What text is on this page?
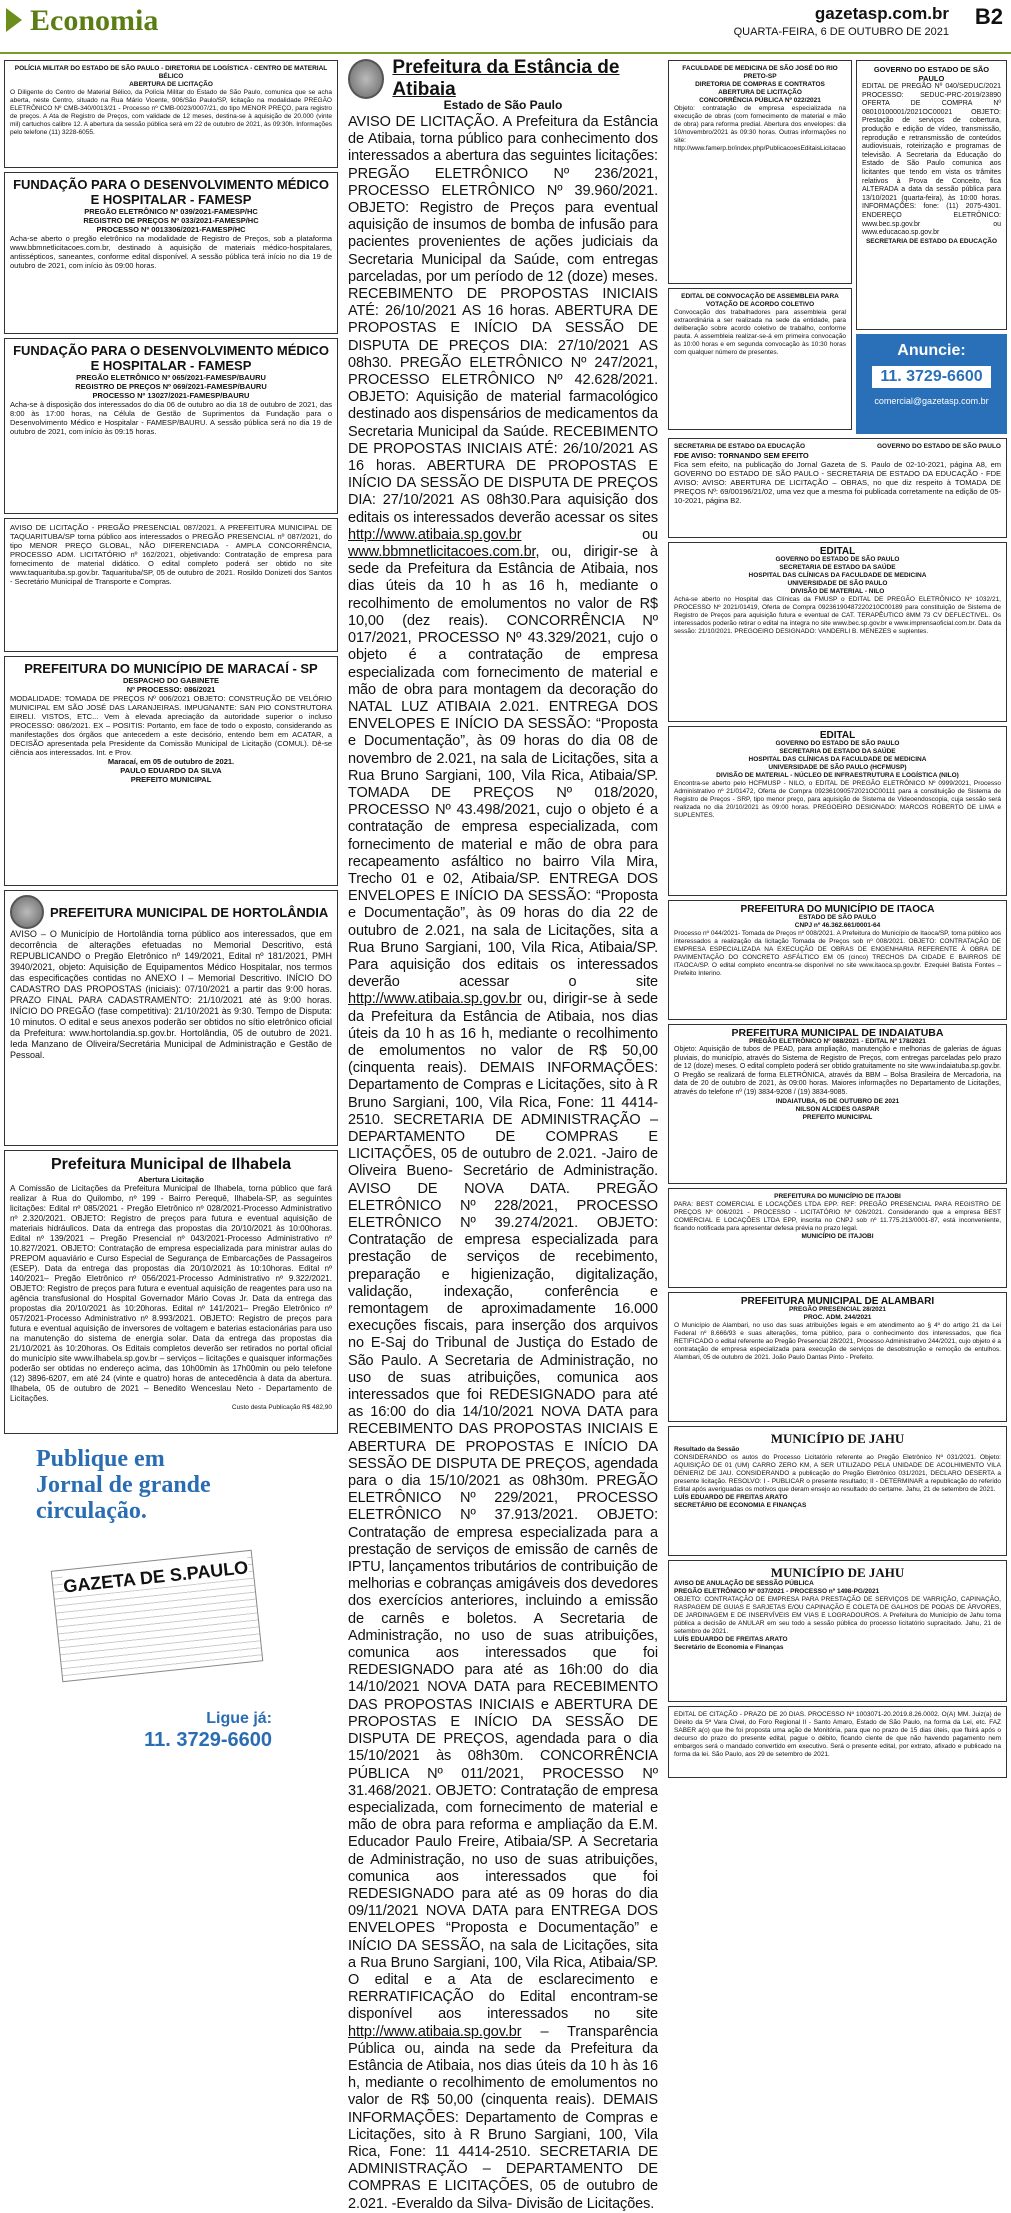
Economia	gazetasp.com.br
QUARTA-FEIRA, 6 DE OUTUBRO DE 2021
B2
POLÍCIA MILITAR DO ESTADO DE SÃO PAULO - DIRETORIA DE LOGÍSTICA - CENTRO DE MATERIAL BÉLICO
ABERTURA DE LICITAÇÃO
O Diligente do Centro de Material Bélico, da Polícia Militar do Estado de São Paulo, comunica que se acha aberta, neste Centro, situado na Rua Mário Vicente, 906/São Paulo/SP, licitação na modalidade PREGÃO ELETRÔNICO Nº CMB-340/0013/21 - Processo nº CMB-0023/0007/21, do tipo MENOR PREÇO, para registro de preços. A Ata de Registro de Preços, com validade de 12 meses, destina-se à aquisição de 20.000 (vinte mil) cartuchos calibre 12. A abertura da sessão pública será em 22 de outubro de 2021, às 09:30h. Informações pelo telefone (11) 3228-6055.
FUNDAÇÃO PARA O DESENVOLVIMENTO MÉDICO E HOSPITALAR - FAMESP
PREGÃO ELETRÔNICO Nº 039/2021-FAMESP/HC
REGISTRO DE PREÇOS Nº 033/2021-FAMESP/HC
PROCESSO Nº 0013306/2021-FAMESP/HC
Acha-se aberto o pregão eletrônico na modalidade de Registro de Preços, sob a plataforma www.bbmnetlicitacoes.com.br, destinado à aquisição de materiais médico-hospitalares, antissépticos, saneantes, conforme edital disponível. A sessão pública terá início no dia 19 de outubro de 2021, com início às 09:00 horas.
FUNDAÇÃO PARA O DESENVOLVIMENTO MÉDICO E HOSPITALAR - FAMESP
PREGÃO ELETRÔNICO Nº 065/2021-FAMESP/BAURU
REGISTRO DE PREÇOS Nº 069/2021-FAMESP/BAURU
PROCESSO Nº 13027/2021-FAMESP/BAURU
Acha-se à disposição dos interessados do dia 06 de outubro ao dia 18 de outubro de 2021, das 8:00 às 17:00 horas, na Célula de Gestão de Suprimentos da Fundação para o Desenvolvimento Médico e Hospitalar - FAMESP/BAURU. A sessão pública será no dia 19 de outubro de 2021, com início às 09:15 horas.
AVISO DE LICITAÇÃO - PREGÃO PRESENCIAL 087/2021. A PREFEITURA MUNICIPAL DE TAQUARITUBA/SP torna público aos interessados o PREGÃO PRESENCIAL nº 087/2021, do tipo MENOR PREÇO GLOBAL, NÃO DIFERENCIADA - AMPLA CONCORRÊNCIA, PROCESSO ADM. LICITATÓRIO nº 162/2021, objetivando: Contratação de empresa para fornecimento de material didático. O edital completo poderá ser obtido no site www.taquarituba.sp.gov.br. Taquarituba/SP, 05 de outubro de 2021. Rosildo Donizeti dos Santos - Secretário Municipal de Transporte e Compras.
PREFEITURA DO MUNICÍPIO DE MARACAÍ - SP
DESPACHO DO GABINETE
Nº PROCESSO: 086/2021
MODALIDADE: TOMADA DE PREÇOS Nº 006/2021 OBJETO: CONSTRUÇÃO DE VELÓRIO MUNICIPAL EM SÃO JOSÉ DAS LARANJEIRAS. IMPUGNANTE: SAN PIO CONSTRUTORA EIRELI. VISTOS, ETC... Vem à elevada apreciação da autoridade superior o incluso PROCESSO: 086/2021. EX – POSITIS: Portanto, em face de todo o exposto, considerando as manifestações dos órgãos que antecedem a este decisório, entendo bem em ACATAR, a DECISÃO apresentada pela Presidente da Comissão Municipal de Licitação (COMUL). Dê-se ciência aos interessados. Int. e Prov.
Maracaí, em 05 de outubro de 2021.
PAULO EDUARDO DA SILVA
PREFEITO MUNICIPAL
PREFEITURA MUNICIPAL DE HORTOLÂNDIA
AVISO – O Município de Hortolândia torna público aos interessados, que em decorrência de alterações efetuadas no Memorial Descritivo, está REPUBLICANDO o Pregão Eletrônico nº 149/2021, Edital nº 181/2021, PMH 3940/2021, objeto: Aquisição de Equipamentos Médico Hospitalar, nos termos das especificações contidas no ANEXO I – Memorial Descritivo. INÍCIO DO CADASTRO DAS PROPOSTAS (iniciais): 07/10/2021 a partir das 9:00 horas. PRAZO FINAL PARA CADASTRAMENTO: 21/10/2021 até às 9:00 horas. INÍCIO DO PREGÃO (fase competitiva): 21/10/2021 às 9:30. Tempo de Disputa: 10 minutos. O edital e seus anexos poderão ser obtidos no sítio eletrônico oficial da Prefeitura: www.hortolandia.sp.gov.br. Hortolândia, 05 de outubro de 2021. Ieda Manzano de Oliveira/Secretária Municipal de Administração e Gestão de Pessoal.
Prefeitura Municipal de Ilhabela
Abertura Licitação
A Comissão de Licitações da Prefeitura Municipal de Ilhabela, torna público que fará realizar à Rua do Quilombo, nº 199 - Bairro Perequê, Ilhabela-SP, as seguintes licitações: Edital nº 085/2021 - Pregão Eletrônico nº 028/2021-Processo Administrativo nº 2.320/2021. OBJETO: Registro de preços para futura e eventual aquisição de materiais hidráulicos. Data da entrega das propostas dia 20/10/2021 às 10:00horas. Edital nº 139/2021 – Pregão Presencial nº 043/2021-Processo Administrativo nº 10.827/2021. OBJETO: Contratação de empresa especializada para ministrar aulas do PREPOM aquaviário e Curso Especial de Segurança de Embarcações de Passageiros (ESEP). Data da entrega das propostas dia 20/10/2021 às 10:10horas. Edital nº 140/2021– Pregão Eletrônico nº 056/2021-Processo Administrativo nº 9.322/2021. OBJETO: Registro de preços para futura e eventual aquisição de reagentes para uso na agência transfusional do Hospital Governador Mário Covas Jr. Data da entrega das propostas dia 20/10/2021 às 10:20horas. Edital nº 141/2021– Pregão Eletrônico nº 057/2021-Processo Administrativo nº 8.993/2021. OBJETO: Registro de preços para futura e eventual aquisição de inversores de voltagem e baterias estacionárias para uso na manutenção do sistema de energia solar. Data da entrega das propostas dia 21/10/2021 às 10:20horas. Os Editais completos deverão ser retirados no portal oficial do município site www.ilhabela.sp.gov.br – serviços – licitações e quaisquer informações poderão ser obtidas no endereço acima, das 10h00min às 17h00min ou pelo telefone (12) 3896-6207, em até 24 (vinte e quatro) horas de antecedência à data da abertura. Ilhabela, 05 de outubro de 2021 – Benedito Wenceslau Neto - Departamento de Licitações.
Custo desta Publicação R$ 482,90
Publique em
Jornal de grande
circulação.
GAZETA DE S.PAULO
Ligue já:
11. 3729-6600
Prefeitura da Estância de Atibaia
Estado de São Paulo
AVISO DE LICITAÇÃO. A Prefeitura da Estância de Atibaia, torna público para conhecimento dos interessados a abertura das seguintes licitações: PREGÃO ELETRÔNICO Nº 236/2021, PROCESSO ELETRÔNICO Nº 39.960/2021. OBJETO: Registro de Preços para eventual aquisição de insumos de bomba de infusão para pacientes provenientes de ações judiciais da Secretaria Municipal da Saúde, com entregas parceladas, por um período de 12 (doze) meses. RECEBIMENTO DE PROPOSTAS INICIAIS ATÉ: 26/10/2021 AS 16 horas. ABERTURA DE PROPOSTAS E INÍCIO DA SESSÃO DE DISPUTA DE PREÇOS DIA: 27/10/2021 AS 08h30. PREGÃO ELETRÔNICO Nº 247/2021, PROCESSO ELETRÔNICO Nº 42.628/2021. OBJETO: Aquisição de material farmacológico destinado aos dispensários de medicamentos da Secretaria Municipal da Saúde. RECEBIMENTO DE PROPOSTAS INICIAIS ATÉ: 26/10/2021 AS 16 horas. ABERTURA DE PROPOSTAS E INÍCIO DA SESSÃO DE DISPUTA DE PREÇOS DIA: 27/10/2021 AS 08h30.Para aquisição dos editais os interessados deverão acessar os sites http://www.atibaia.sp.gov.br ou www.bbmnetlicitacoes.com.br, ou, dirigir-se à sede da Prefeitura da Estância de Atibaia, nos dias úteis da 10 h as 16 h, mediante o recolhimento de emolumentos no valor de R$ 10,00 (dez reais). CONCORRÊNCIA Nº 017/2021, PROCESSO Nº 43.329/2021, cujo o objeto é a contratação de empresa especializada com fornecimento de material e mão de obra para montagem da decoração do NATAL LUZ ATIBAIA 2.021. ENTREGA DOS ENVELOPES E INÍCIO DA SESSÃO: “Proposta e Documentação”, às 09 horas do dia 08 de novembro de 2.021, na sala de Licitações, sita a Rua Bruno Sargiani, 100, Vila Rica, Atibaia/SP. TOMADA DE PREÇOS Nº 018/2020, PROCESSO Nº 43.498/2021, cujo o objeto é a contratação de empresa especializada, com fornecimento de material e mão de obra para recapeamento asfáltico no bairro Vila Mira, Trecho 01 e 02, Atibaia/SP. ENTREGA DOS ENVELOPES E INÍCIO DA SESSÃO: “Proposta e Documentação”, às 09 horas do dia 22 de outubro de 2.021, na sala de Licitações, sita a Rua Bruno Sargiani, 100, Vila Rica, Atibaia/SP. Para aquisição dos editais os interessados deverão acessar o site http://www.atibaia.sp.gov.br ou, dirigir-se à sede da Prefeitura da Estância de Atibaia, nos dias úteis da 10 h as 16 h, mediante o recolhimento de emolumentos no valor de R$ 50,00 (cinquenta reais). DEMAIS INFORMAÇÕES: Departamento de Compras e Licitações, sito à R Bruno Sargiani, 100, Vila Rica, Fone: 11 4414-2510. SECRETARIA DE ADMINISTRAÇÃO – DEPARTAMENTO DE COMPRAS E LICITAÇÕES, 05 de outubro de 2.021. -Jairo de Oliveira Bueno- Secretário de Administração. AVISO DE NOVA DATA. PREGÃO ELETRÔNICO Nº 228/2021, PROCESSO ELETRÔNICO Nº 39.274/2021. OBJETO: Contratação de empresa especializada para prestação de serviços de recebimento, preparação e higienização, digitalização, validação, indexação, conferência e remontagem de aproximadamente 16.000 execuções fiscais, para inserção dos arquivos no E-Saj do Tribunal de Justiça do Estado de São Paulo. A Secretaria de Administração, no uso de suas atribuições, comunica aos interessados que foi REDESIGNADO para até as 16:00 do dia 14/10/2021 NOVA DATA para RECEBIMENTO DAS PROPOSTAS INICIAIS E ABERTURA DE PROPOSTAS E INÍCIO DA SESSÃO DE DISPUTA DE PREÇOS, agendada para o dia 15/10/2021 as 08h30m. PREGÃO ELETRÔNICO Nº 229/2021, PROCESSO ELETRÔNICO Nº 37.913/2021. OBJETO: Contratação de empresa especializada para a prestação de serviços de emissão de carnês de IPTU, lançamentos tributários de contribuição de melhorias e cobranças amigáveis dos devedores dos exercícios anteriores, incluindo a emissão de carnês e boletos. A Secretaria de Administração, no uso de suas atribuições, comunica aos interessados que foi REDESIGNADO para até as 16h:00 do dia 14/10/2021 NOVA DATA para RECEBIMENTO DAS PROPOSTAS INICIAIS e ABERTURA DE PROPOSTAS E INÍCIO DA SESSÃO DE DISPUTA DE PREÇOS, agendada para o dia 15/10/2021 às 08h30m. CONCORRÊNCIA PÚBLICA Nº 011/2021, PROCESSO Nº 31.468/2021. OBJETO: Contratação de empresa especializada, com fornecimento de material e mão de obra para reforma e ampliação da E.M. Educador Paulo Freire, Atibaia/SP. A Secretaria de Administração, no uso de suas atribuições, comunica aos interessados que foi REDESIGNADO para até as 09 horas do dia 09/11/2021 NOVA DATA para ENTREGA DOS ENVELOPES “Proposta e Documentação” e INÍCIO DA SESSÃO, na sala de Licitações, sita a Rua Bruno Sargiani, 100, Vila Rica, Atibaia/SP. O edital e a Ata de esclarecimento e RERRATIFICAÇÃO do Edital encontram-se disponível aos interessados no site http://www.atibaia.sp.gov.br – Transparência Pública ou, ainda na sede da Prefeitura da Estância de Atibaia, nos dias úteis da 10 h às 16 h, mediante o recolhimento de emolumentos no valor de R$ 50,00 (cinquenta reais). DEMAIS INFORMAÇÕES: Departamento de Compras e Licitações, sito à R Bruno Sargiani, 100, Vila Rica, Fone: 11 4414-2510. SECRETARIA DE ADMINISTRAÇÃO – DEPARTAMENTO DE COMPRAS E LICITAÇÕES, 05 de outubro de 2.021. -Everaldo da Silva- Divisão de Licitações.
FACULDADE DE MEDICINA DE SÃO JOSÉ DO RIO PRETO-SP
DIRETORIA DE COMPRAS E CONTRATOS
ABERTURA DE LICITAÇÃO
CONCORRÊNCIA PÚBLICA Nº 022/2021
Objeto: contratação de empresa especializada na execução de obras (com fornecimento de material e mão de obra) para reforma predial. Abertura dos envelopes: dia 10/novembro/2021 às 09:30 horas. Outras informações no site: http://www.famerp.br/index.php/PublicacoesEditaisLicitacao
EDITAL DE CONVOCAÇÃO DE ASSEMBLEIA PARA VOTAÇÃO DE ACORDO COLETIVO
Convocação dos trabalhadores para assembleia geral extraordinária a ser realizada na sede da entidade, para deliberação sobre acordo coletivo de trabalho, conforme pauta. A assembleia realizar-se-á em primeira convocação às 10:00 horas e em segunda convocação às 10:30 horas com qualquer número de presentes.
GOVERNO DO ESTADO DE SÃO PAULO
EDITAL DE PREGÃO Nº 040/SEDUC/2021 PROCESSO: SEDUC-PRC-2019/23890 OFERTA DE COMPRA Nº 08010100001/2021OC00021 OBJETO: Prestação de serviços de cobertura, produção e edição de vídeo, transmissão, reprodução e retransmissão de conteúdos audiovisuais, roteirização e programas de televisão. A Secretaria da Educação do Estado de São Paulo comunica aos licitantes que tendo em vista os trâmites relativos à Prova de Conceito, fica ALTERADA a data da sessão pública para 13/10/2021 (quarta-feira), às 10:00 horas. INFORMAÇÕES: fone: (11) 2075-4301. ENDEREÇO ELETRÔNICO: www.bec.sp.gov.br ou www.educacao.sp.gov.br
SECRETARIA DE ESTADO DA EDUCAÇÃO
Anuncie:
11. 3729-6600
comercial@gazetasp.com.br
SECRETARIA DE ESTADO DA EDUCAÇÃO	GOVERNO DO ESTADO DE SÃO PAULO
FDE AVISO: TORNANDO SEM EFEITO
Fica sem efeito, na publicação do Jornal Gazeta de S. Paulo de 02-10-2021, página A8, em GOVERNO DO ESTADO DE SÃO PAULO - SECRETARIA DE ESTADO DA EDUCAÇÃO - FDE AVISO: AVISO: ABERTURA DE LICITAÇÃO – OBRAS, no que diz respeito à TOMADA DE PREÇOS Nº: 69/00196/21/02, uma vez que a mesma foi publicada corretamente na edição de 05-10-2021, página B2.
EDITAL
GOVERNO DO ESTADO DE SÃO PAULO
SECRETARIA DE ESTADO DA SAÚDE
HOSPITAL DAS CLÍNICAS DA FACULDADE DE MEDICINA
UNIVERSIDADE DE SÃO PAULO
DIVISÃO DE MATERIAL - NILO
Acha-se aberto no Hospital das Clínicas da FMUSP o EDITAL DE PREGÃO ELETRÔNICO Nº 1032/21, PROCESSO Nº 2021/01419, Oferta de Compra 09236190487220210C00189 para constituição de Sistema de Registro de Preços para aquisição futura e eventual de CAT. TERAPÊUTICO 8MM 73 CV DEFLECTIVEL. Os interessados poderão retirar o edital na íntegra no site www.bec.sp.gov.br e www.imprensaoficial.com.br. Data da sessão: 21/10/2021. PREGOEIRO DESIGNADO: VANDERLI B. MENEZES e suplentes.
EDITAL
GOVERNO DO ESTADO DE SÃO PAULO
SECRETARIA DE ESTADO DA SAÚDE
HOSPITAL DAS CLÍNICAS DA FACULDADE DE MEDICINA
UNIVERSIDADE DE SÃO PAULO (HCFMUSP)
DIVISÃO DE MATERIAL - NÚCLEO DE INFRAESTRUTURA E LOGÍSTICA (NILO)
Encontra-se aberto pelo HCFMUSP - NILO, o EDITAL DE PREGÃO ELETRÔNICO Nº 0999/2021, Processo Administrativo nº 21/01472, Oferta de Compra 092361090572021OC00111 para a constituição de Sistema de Registro de Preços - SRP, tipo menor preço, para aquisição de Sistema de Videoendoscopia, cuja sessão será realizada no dia 20/10/2021 às 09:00 horas. PREGOEIRO DESIGNADO: MARCOS ROBERTO DE LIMA e SUPLENTES.
PREFEITURA DO MUNICÍPIO DE ITAOCA
ESTADO DE SÃO PAULO
CNPJ nº 46.362.661/0001-64
Processo nº 044/2021- Tomada de Preços nº 008/2021. A Prefeitura do Município de Itaoca/SP, torna público aos interessados a realização da licitação Tomada de Preços sob nº 008/2021. OBJETO: CONTRATAÇÃO DE EMPRESA ESPECIALIZADA NA EXECUÇÃO DE OBRAS DE ENGENHARIA REFERENTE À OBRA DE PAVIMENTAÇÃO DO CONCRETO ASFÁLTICO EM 05 (cinco) TRECHOS DA CIDADE E BAIRROS DE ITAOCA/SP. O edital completo encontra-se disponível no site www.itaoca.sp.gov.br. Ezequiel Batista Fontes – Prefeito Interino.
PREFEITURA MUNICIPAL DE INDAIATUBA
PREGÃO ELETRÔNICO Nº 088/2021 - EDITAL Nº 178/2021
Objeto: Aquisição de tubos de PEAD, para ampliação, manutenção e melhorias de galerias de águas pluviais, do município, através do Sistema de Registro de Preços, com entregas parceladas pelo prazo de 12 (doze) meses. O edital completo poderá ser obtido gratuitamente no site www.indaiatuba.sp.gov.br. O Pregão se realizará de forma ELETRÔNICA, através da BBM – Bolsa Brasileira de Mercadoria, na data de 20 de outubro de 2021, às 09:00 horas. Maiores informações no Departamento de Licitações, através do telefone nº (19) 3834-9208 / (19) 3834-9085.
INDAIATUBA, 05 DE OUTUBRO DE 2021
NILSON ALCIDES GASPAR
PREFEITO MUNICIPAL
PREFEITURA DO MUNICÍPIO DE ITAJOBI
PARA: BEST COMERCIAL E LOCAÇÕES LTDA EPP. REF: PREGÃO PRESENCIAL PARA REGISTRO DE PREÇOS Nº 006/2021 - PROCESSO - LICITATÓRIO Nº 026/2021. Considerando que a empresa BEST COMERCIAL E LOCAÇÕES LTDA EPP, inscrita no CNPJ sob nº 11.775.213/0001-87, está inconveniente, ficando notificada para apresentar defesa prévia no prazo legal.
MUNICÍPIO DE ITAJOBI
PREFEITURA MUNICIPAL DE ALAMBARI
PREGÃO PRESENCIAL 28/2021
PROC. ADM. 244/2021
O Município de Alambari, no uso das suas atribuições legais e em atendimento ao § 4º do artigo 21 da Lei Federal nº 8.666/93 e suas alterações, torna público, para o conhecimento dos interessados, que fica RETIFICADO o edital referente ao Pregão Presencial 28/2021, Processo Administrativo 244/2021, cujo objeto é a contratação de empresa especializada para execução de serviços de desobstrução e remoção de entulhos. Alambari, 05 de outubro de 2021. João Paulo Dantas Pinto - Prefeito.
MUNICÍPIO DE JAHU
Resultado da Sessão
CONSIDERANDO os autos do Processo Licitatório referente ao Pregão Eletrônico Nº 031/2021. Objeto: AQUISIÇÃO DE 01 (UM) CARRO ZERO KM, A SER UTILIZADO PELA UNIDADE DE ACOLHIMENTO VILA DENIERIZ DE JAU. CONSIDERANDO a publicação do Pregão Eletrônico 031/2021, DECLARO DESERTA a presente licitação. RESOLVO: I - PUBLICAR o presente resultado; II - DETERMINAR a republicação do referido Edital após averiguadas os motivos que deram ensejo ao resultado do certame. Jahu, 21 de setembro de 2021.
LUÍS EDUARDO DE FREITAS ARATO
SECRETÁRIO DE ECONOMIA E FINANÇAS
MUNICÍPIO DE JAHU
AVISO DE ANULAÇÃO DE SESSÃO PÚBLICA
PREGÃO ELETRÔNICO Nº 037/2021 - PROCESSO nº 1498-PG/2021
OBJETO: CONTRATAÇÃO DE EMPRESA PARA PRESTAÇÃO DE SERVIÇOS DE VARRIÇÃO, CAPINAÇÃO, RASPAGEM DE GUIAS E SARJETAS E/OU CAPINAÇÃO E COLETA DE GALHOS DE PODAS DE ÁRVORES, DE JARDINAGEM E DE INSERVÍVEIS EM VIAS E LOGRADOUROS. A Prefeitura do Município de Jahu torna pública a decisão de ANULAR em seu todo a sessão pública do processo licitatório supracitado. Jahu, 21 de setembro de 2021.
LUÍS EDUARDO DE FREITAS ARATO
Secretário de Economia e Finanças
EDITAL DE CITAÇÃO - PRAZO DE 20 DIAS. PROCESSO Nº 1003071-20.2019.8.26.0002. O(A) MM. Juiz(a) de Direito da 5ª Vara Cível, do Foro Regional II - Santo Amaro, Estado de São Paulo, na forma da Lei, etc. FAZ SABER a(o) que lhe foi proposta uma ação de Monitória, para que no prazo de 15 dias úteis, que fluirá após o decurso do prazo do presente edital, pague o débito, ficando ciente de que não havendo pagamento nem embargos será o mandado convertido em executivo. Será o presente edital, por extrato, afixado e publicado na forma da lei. São Paulo, aos 29 de setembro de 2021.
